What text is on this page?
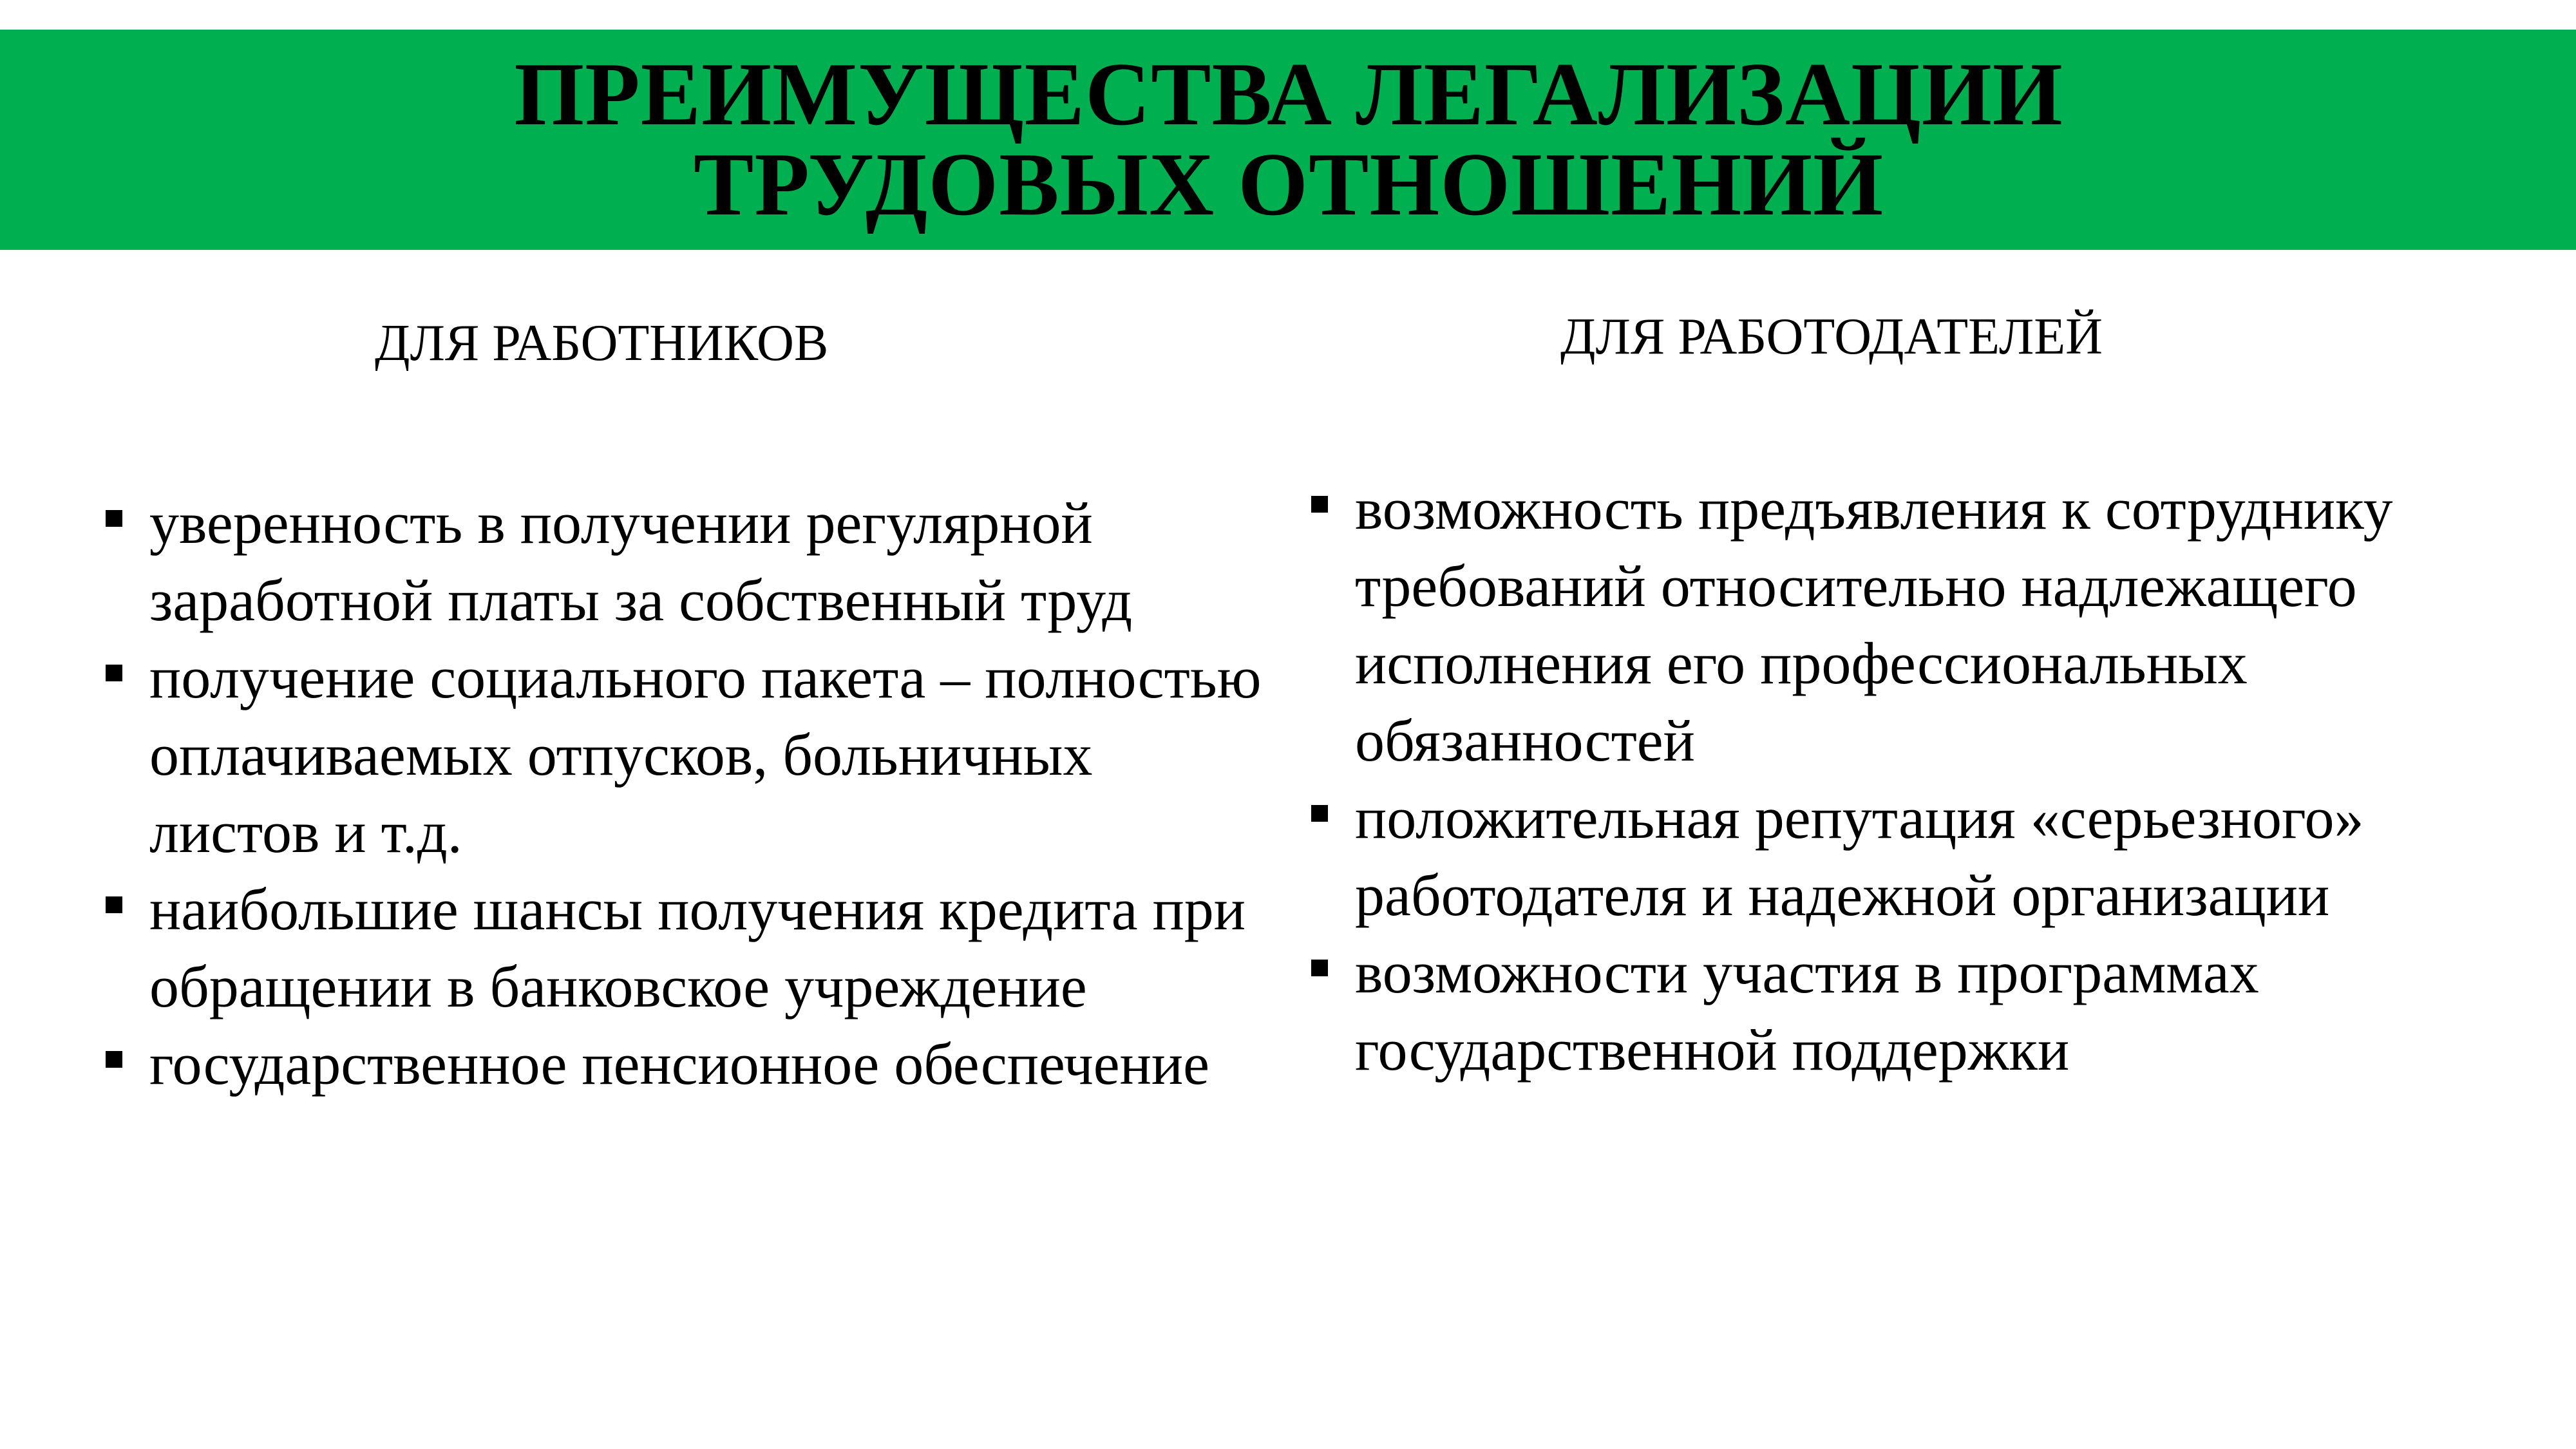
ПРЕИМУЩЕСТВА ЛЕГАЛИЗАЦИИ
ТРУДОВЫХ ОТНОШЕНИЙ
ДЛЯ РАБОТНИКОВ	ДЛЯ РАБОТОДАТЕЛЕЙ
уверенность в получении регулярной заработной платы за собственный труд
получение социального пакета – полностью оплачиваемых отпусков, больничных листов и т.д.
наибольшие шансы получения кредита при обращении в банковское учреждение
государственное пенсионное обеспечение
возможность предъявления к сотруднику требований относительно надлежащего исполнения его профессиональных обязанностей
положительная репутация «серьезного» работодателя и надежной организации
возможности участия в программах государственной поддержки
